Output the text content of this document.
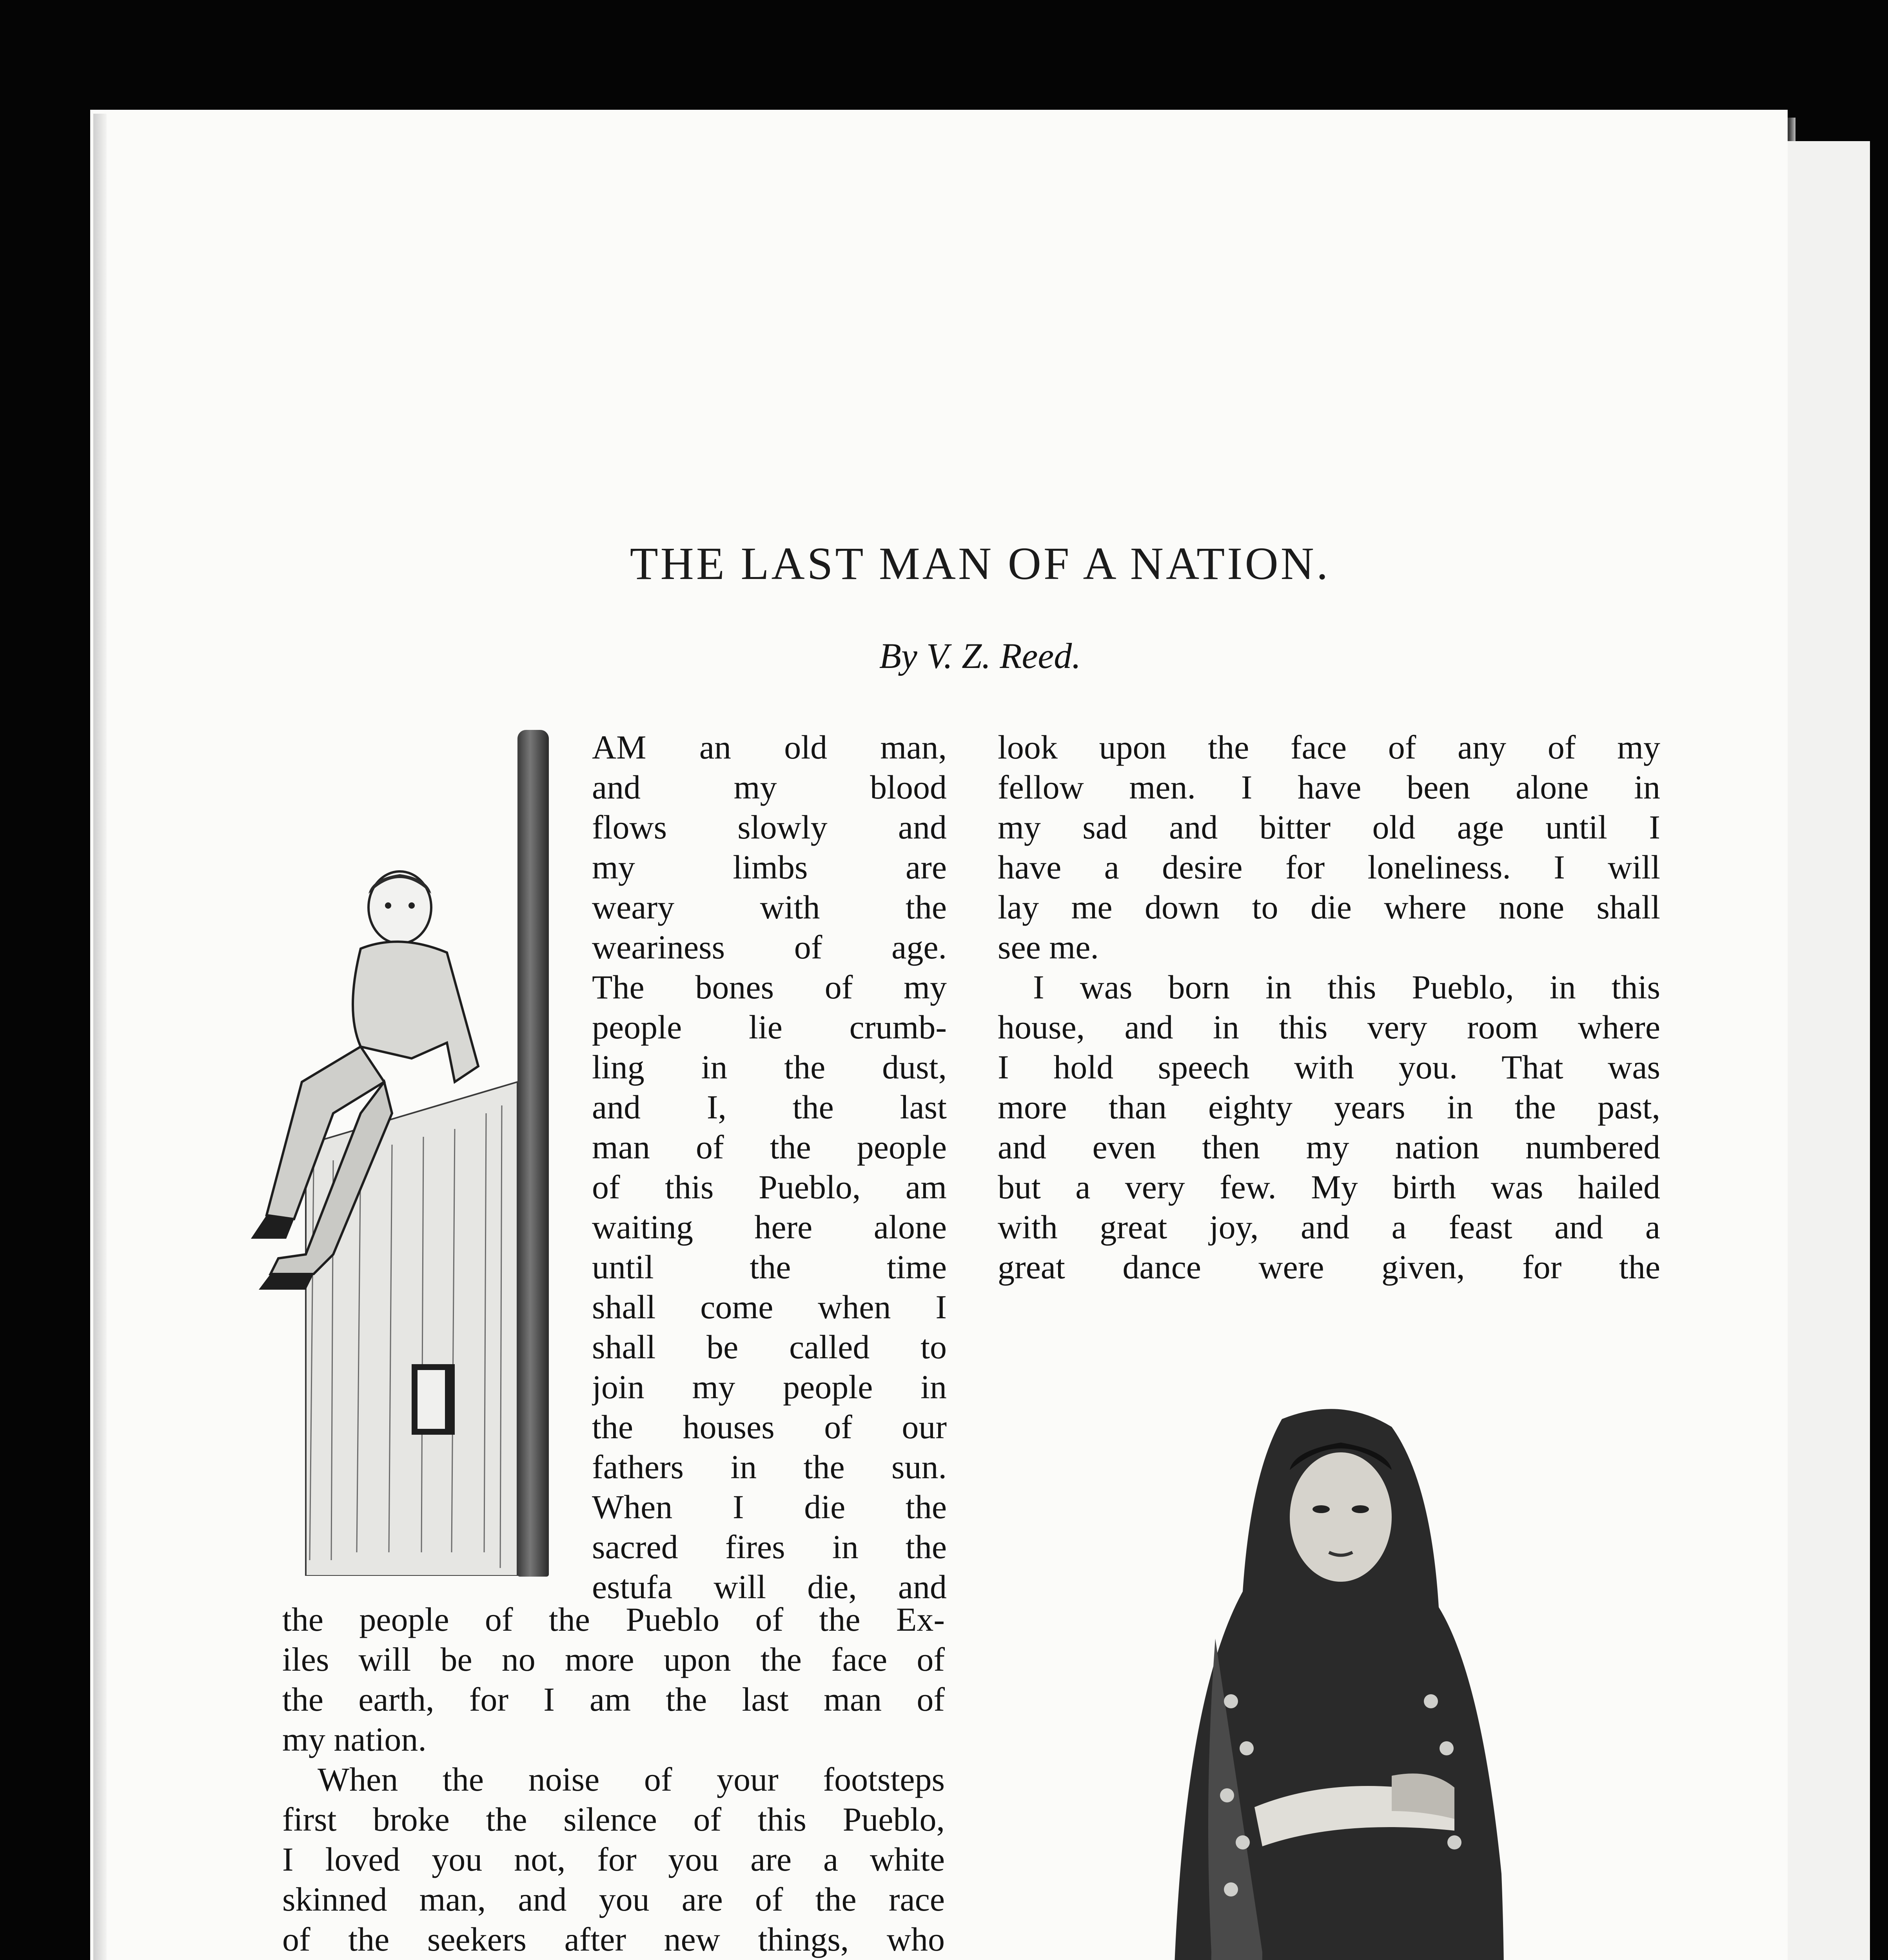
THE LAST MAN OF A NATION.
By V. Z. Reed.
AM an old man,
and my blood
flows slowly and
my limbs are
weary with the
weariness of age.
The bones of my
people lie crumb-
ling in the dust,
and I, the last
man of the people
of this Pueblo, am
waiting here alone
until the time
shall come when I
shall be called to
join my people in
the houses of our
fathers in the sun.
When I die the
sacred fires in the
estufa will die, and
the people of the Pueblo of the Ex-
iles will be no more upon the face of
the earth, for I am the last man of
my nation.
When the noise of your footsteps
first broke the silence of this Pueblo,
I loved you not, for you are a white
skinned man, and you are of the race
of the seekers after new things, who
look upon the face of any of my
fellow men. I have been alone in
my sad and bitter old age until I
have a desire for loneliness. I will
lay me down to die where none shall
see me.
I was born in this Pueblo, in this
house, and in this very room where
I hold speech with you. That was
more than eighty years in the past,
and even then my nation numbered
but a very few. My birth was hailed
with great joy, and a feast and a
great dance were given, for the
